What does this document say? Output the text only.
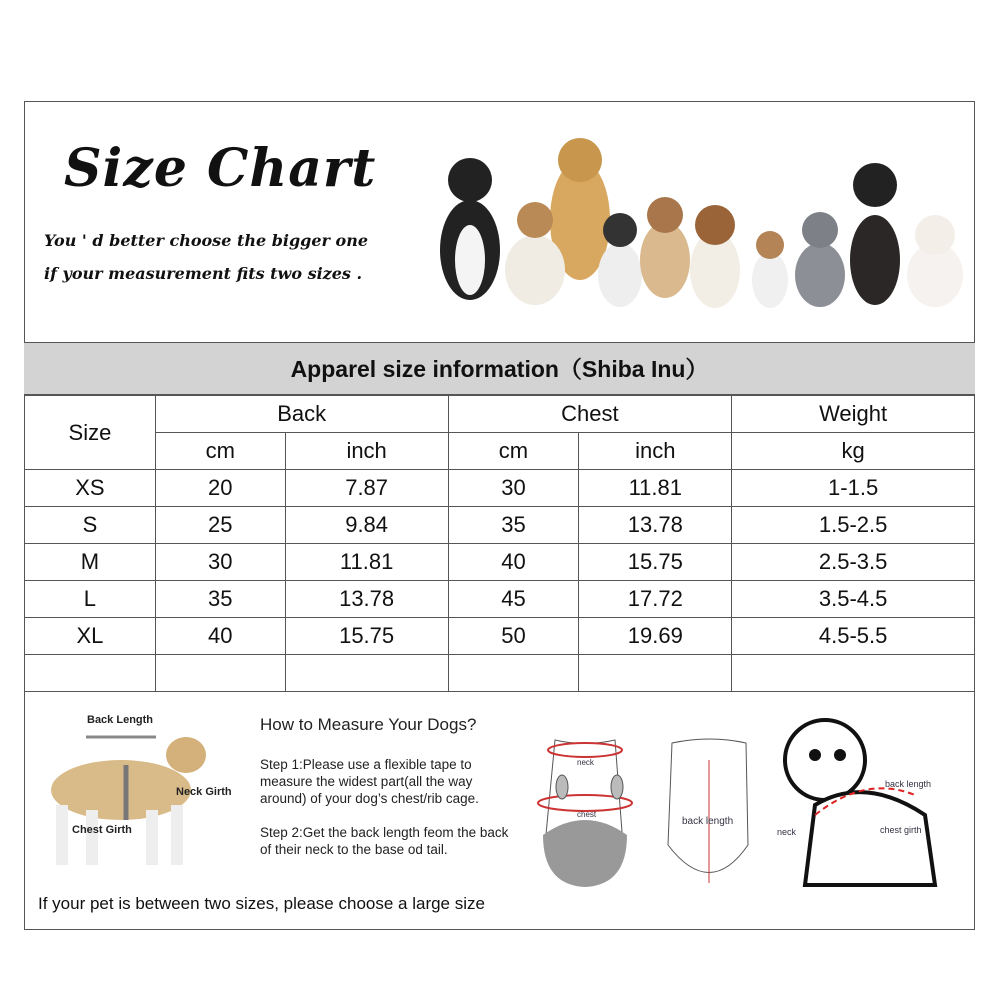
Size Chart
You ' d better choose the bigger one
if your measurement fits two sizes .
Apparel size information（Shiba Inu）
Size	Back		Chest		Weight
	cm	inch	cm	inch	kg
XS	20	7.87	30	11.81	1-1.5
S	25	9.84	35	13.78	1.5-2.5
M	30	11.81	40	15.75	2.5-3.5
L	35	13.78	45	17.72	3.5-4.5
XL	40	15.75	50	19.69	4.5-5.5

Back Length
Neck Girth
Chest Girth
How to Measure Your Dogs?
Step 1:Please use a flexible tape to measure the widest part(all the way around) of your dog’s chest/rib cage.
Step 2:Get the back length feom the back of their neck to the base od tail.
If your pet is between two sizes, please choose a large size
neck
chest
back length
back length
neck	chest girth
